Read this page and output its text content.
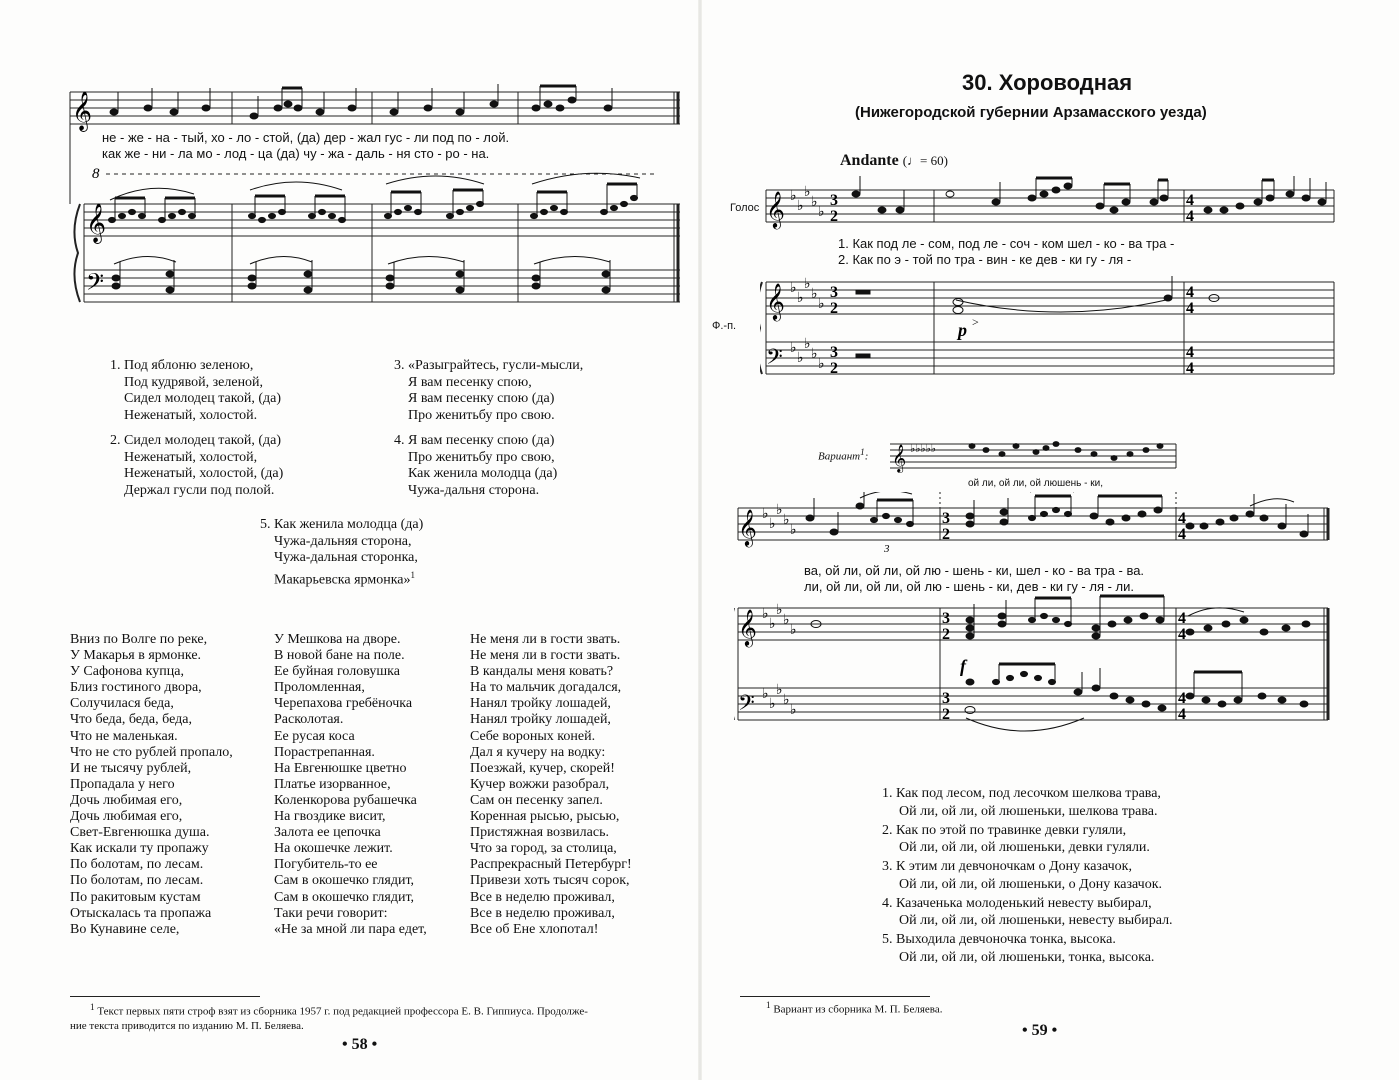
𝄞
𝄞
𝄢
8
не - же - на - тый, хо - ло - стой, (да) дер - жал гус - ли под по - лой.
как же - ни - ла мо - лод - ца (да) чу - жа - даль - ня сто - ро - на.
1. Под яблоню зеленою,
Под кудрявой, зеленой,
Сидел молодец такой, (да)
Неженатый, холостой.
2. Сидел молодец такой, (да)
Неженатый, холостой,
Неженатый, холостой, (да)
Держал гусли под полой.
3. «Разыграйтесь, гусли-мысли,
Я вам песенку спою,
Я вам песенку спою (да)
Про женитьбу про свою.
4. Я вам песенку спою (да)
Про женитьбу про свою,
Как женила молодца (да)
Чужа-дальня сторона.
5. Как женила молодца (да)
Чужа-дальняя сторона,
Чужа-дальная сторонка,
Макарьевска ярмонка»$^1$
Вниз по Волге по реке,
У Макарья в ярмонке.
У Сафонова купца,
Близ гостиного двора,
Солучилася беда,
Что беда, беда, беда,
Что не маленькая.
Что не сто рублей пропало,
И не тысячу рублей,
Пропадала у него
Дочь любимая его,
Дочь любимая его,
Свет-Евгенюшка душа.
Как искали ту пропажу
По болотам, по лесам.
По болотам, по лесам.
По ракитовым кустам
Отыскалась та пропажа
Во Кунавине селе,
У Мешкова на дворе.
В новой бане на поле.
Ее буйная головушка
Проломленная,
Черепахова гребёночка
Расколотая.
Ее русая коса
Порастрепанная.
На Евгенюшке цветно
Платье изорванное,
Коленкорова рубашечка
На гвоздике висит,
Залота ее цепочка
На окошечке лежит.
Погубитель-то ее
Сам в окошечко глядит,
Сам в окошечко глядит,
Таки речи говорит:
«Не за мной ли пара едет,
Не меня ли в гости звать.
Не меня ли в гости звать.
В кандалы меня ковать?
На то мальчик догадался,
Нанял тройку лошадей,
Нанял тройку лошадей,
Себе вороных коней.
Дал я кучеру на водку:
Поезжай, кучер, скорей!
Кучер вожжи разобрал,
Сам он песенку запел.
Коренная рысью, рысью,
Пристяжная возвилась.
Что за город, за столица,
Распрекрасный Петербург!
Привези хоть тысяч сорок,
Все в неделю проживал,
Все в неделю проживал,
Все об Ене хлопотал!
$^1$ Текст первых пяти строф взят из сборника 1957 г. под редакцией профессора Е. В. Гиппиуса. Продолже-
ние текста приводится по изданию М. П. Беляева.
• 58 •
30. Хороводная
(Нижегородской губернии Арзамасского уезда)
Andante (♩= 60)
Голос
Ф.-п.
𝄞
𝄞
𝄢
♭
♭
♭
♭
♭
♭
♭
♭
♭
♭
♭
♭
♭
♭
♭
3
2
3
2
3
2
4
4
4
4
4
4
p >
1. Как под ле - сом, под ле - сoч - ком шел - ко - ва тра -
2. Как по э - той по тра - вин - ке дев - ки гу - ля -
Вариант$^1$: 𝄞 ♭♭♭♭♭
ой ли, ой ли, ой люшень - ки,
𝄞
𝄞
𝄢
♭
♭
♭
♭
♭
♭
♭
♭
♭
♭
♭
♭
♭
♭
♭
3
2
3
2
3
2
4
4
4
4
4
4
3
f
ва, ой ли, ой ли, ой лю - шень - ки, шел - ко - ва трa - ва.
ли, ой ли, ой ли, ой лю - шень - ки, дев - ки гу - ля - ли.
1. Как под лесом, под лесочком шелкова трава,
Ой ли, ой ли, ой люшеньки, шелкова трава.
2. Как по этой по травинке девки гуляли,
Ой ли, ой ли, ой люшеньки, девки гуляли.
3. К этим ли девчоночкам о Дону казачок,
Ой ли, ой ли, ой люшеньки, о Дону казачок.
4. Казаченька молоденький невесту выбирал,
Ой ли, ой ли, ой люшеньки, невесту выбирал.
5. Выходила девчоночка тонка, высока.
Ой ли, ой ли, ой люшеньки, тонка, высока.
$^1$ Вариант из сборника М. П. Беляева.
• 59 •
